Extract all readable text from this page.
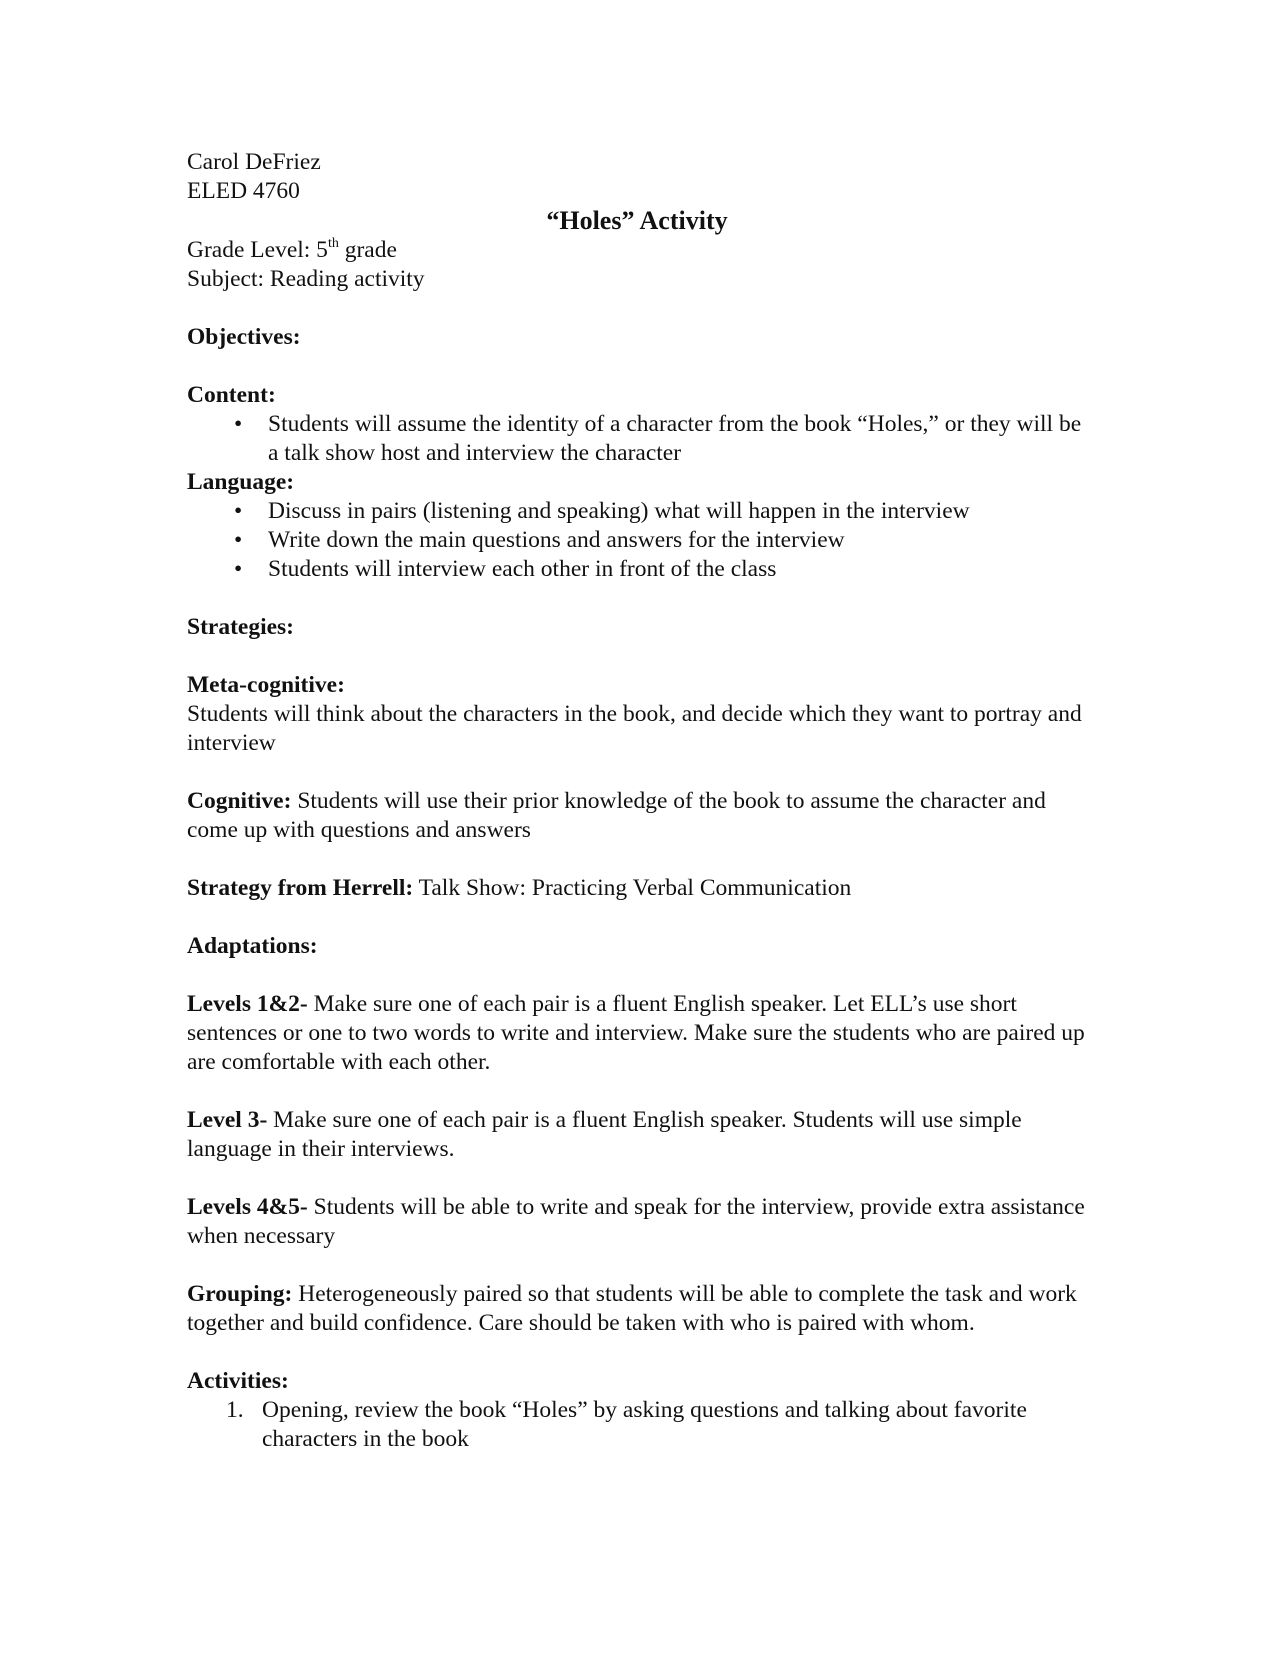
Carol DeFriez

ELED 4760

“Holes” Activity

Grade Level: 5th grade

Subject: Reading activity

Objectives:

Content:

• Students will assume the identity of a character from the book “Holes,” or they will be a talk show host and interview the character

Language:

• Discuss in pairs (listening and speaking) what will happen in the interview
• Write down the main questions and answers for the interview
• Students will interview each other in front of the class

Strategies:

Meta-cognitive:

Students will think about the characters in the book, and decide which they want to portray and interview

Cognitive: Students will use their prior knowledge of the book to assume the character and come up with questions and answers

Strategy from Herrell: Talk Show: Practicing Verbal Communication

Adaptations:

Levels 1&2- Make sure one of each pair is a fluent English speaker. Let ELL’s use short sentences or one to two words to write and interview. Make sure the students who are paired up are comfortable with each other.

Level 3- Make sure one of each pair is a fluent English speaker. Students will use simple language in their interviews.

Levels 4&5- Students will be able to write and speak for the interview, provide extra assistance when necessary

Grouping: Heterogeneously paired so that students will be able to complete the task and work together and build confidence. Care should be taken with who is paired with whom.

Activities:

1. Opening, review the book “Holes” by asking questions and talking about favorite characters in the book
